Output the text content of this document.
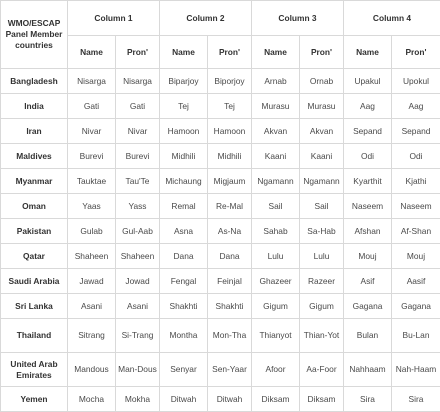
WMO/ESCAP Panel Member countries	Column 1		Column 2		Column 3		Column 4	
	Name	Pron'	Name	Pron'	Name	Pron'	Name	Pron'
Bangladesh	Nisarga	Nisarga	Biparjoy	Biporjoy	Arnab	Ornab	Upakul	Upokul
India	Gati	Gati	Tej	Tej	Murasu	Murasu	Aag	Aag
Iran	Nivar	Nivar	Hamoon	Hamoon	Akvan	Akvan	Sepand	Sepand
Maldives	Burevi	Burevi	Midhili	Midhili	Kaani	Kaani	Odi	Odi
Myanmar	Tauktae	Tau'Te	Michaung	Migjaum	Ngamann	Ngamann	Kyarthit	Kjathi
Oman	Yaas	Yass	Remal	Re-Mal	Sail	Sail	Naseem	Naseem
Pakistan	Gulab	Gul-Aab	Asna	As-Na	Sahab	Sa-Hab	Afshan	Af-Shan
Qatar	Shaheen	Shaheen	Dana	Dana	Lulu	Lulu	Mouj	Mouj
Saudi Arabia	Jawad	Jowad	Fengal	Feinjal	Ghazeer	Razeer	Asif	Aasif
Sri Lanka	Asani	Asani	Shakhti	Shakhti	Gigum	Gigum	Gagana	Gagana
Thailand	Sitrang	Si-Trang	Montha	Mon-Tha	Thianyot	Thian-Yot	Bulan	Bu-Lan
United Arab Emirates	Mandous	Man-Dous	Senyar	Sen-Yaar	Afoor	Aa-Foor	Nahhaam	Nah-Haam
Yemen	Mocha	Mokha	Ditwah	Ditwah	Diksam	Diksam	Sira	Sira
